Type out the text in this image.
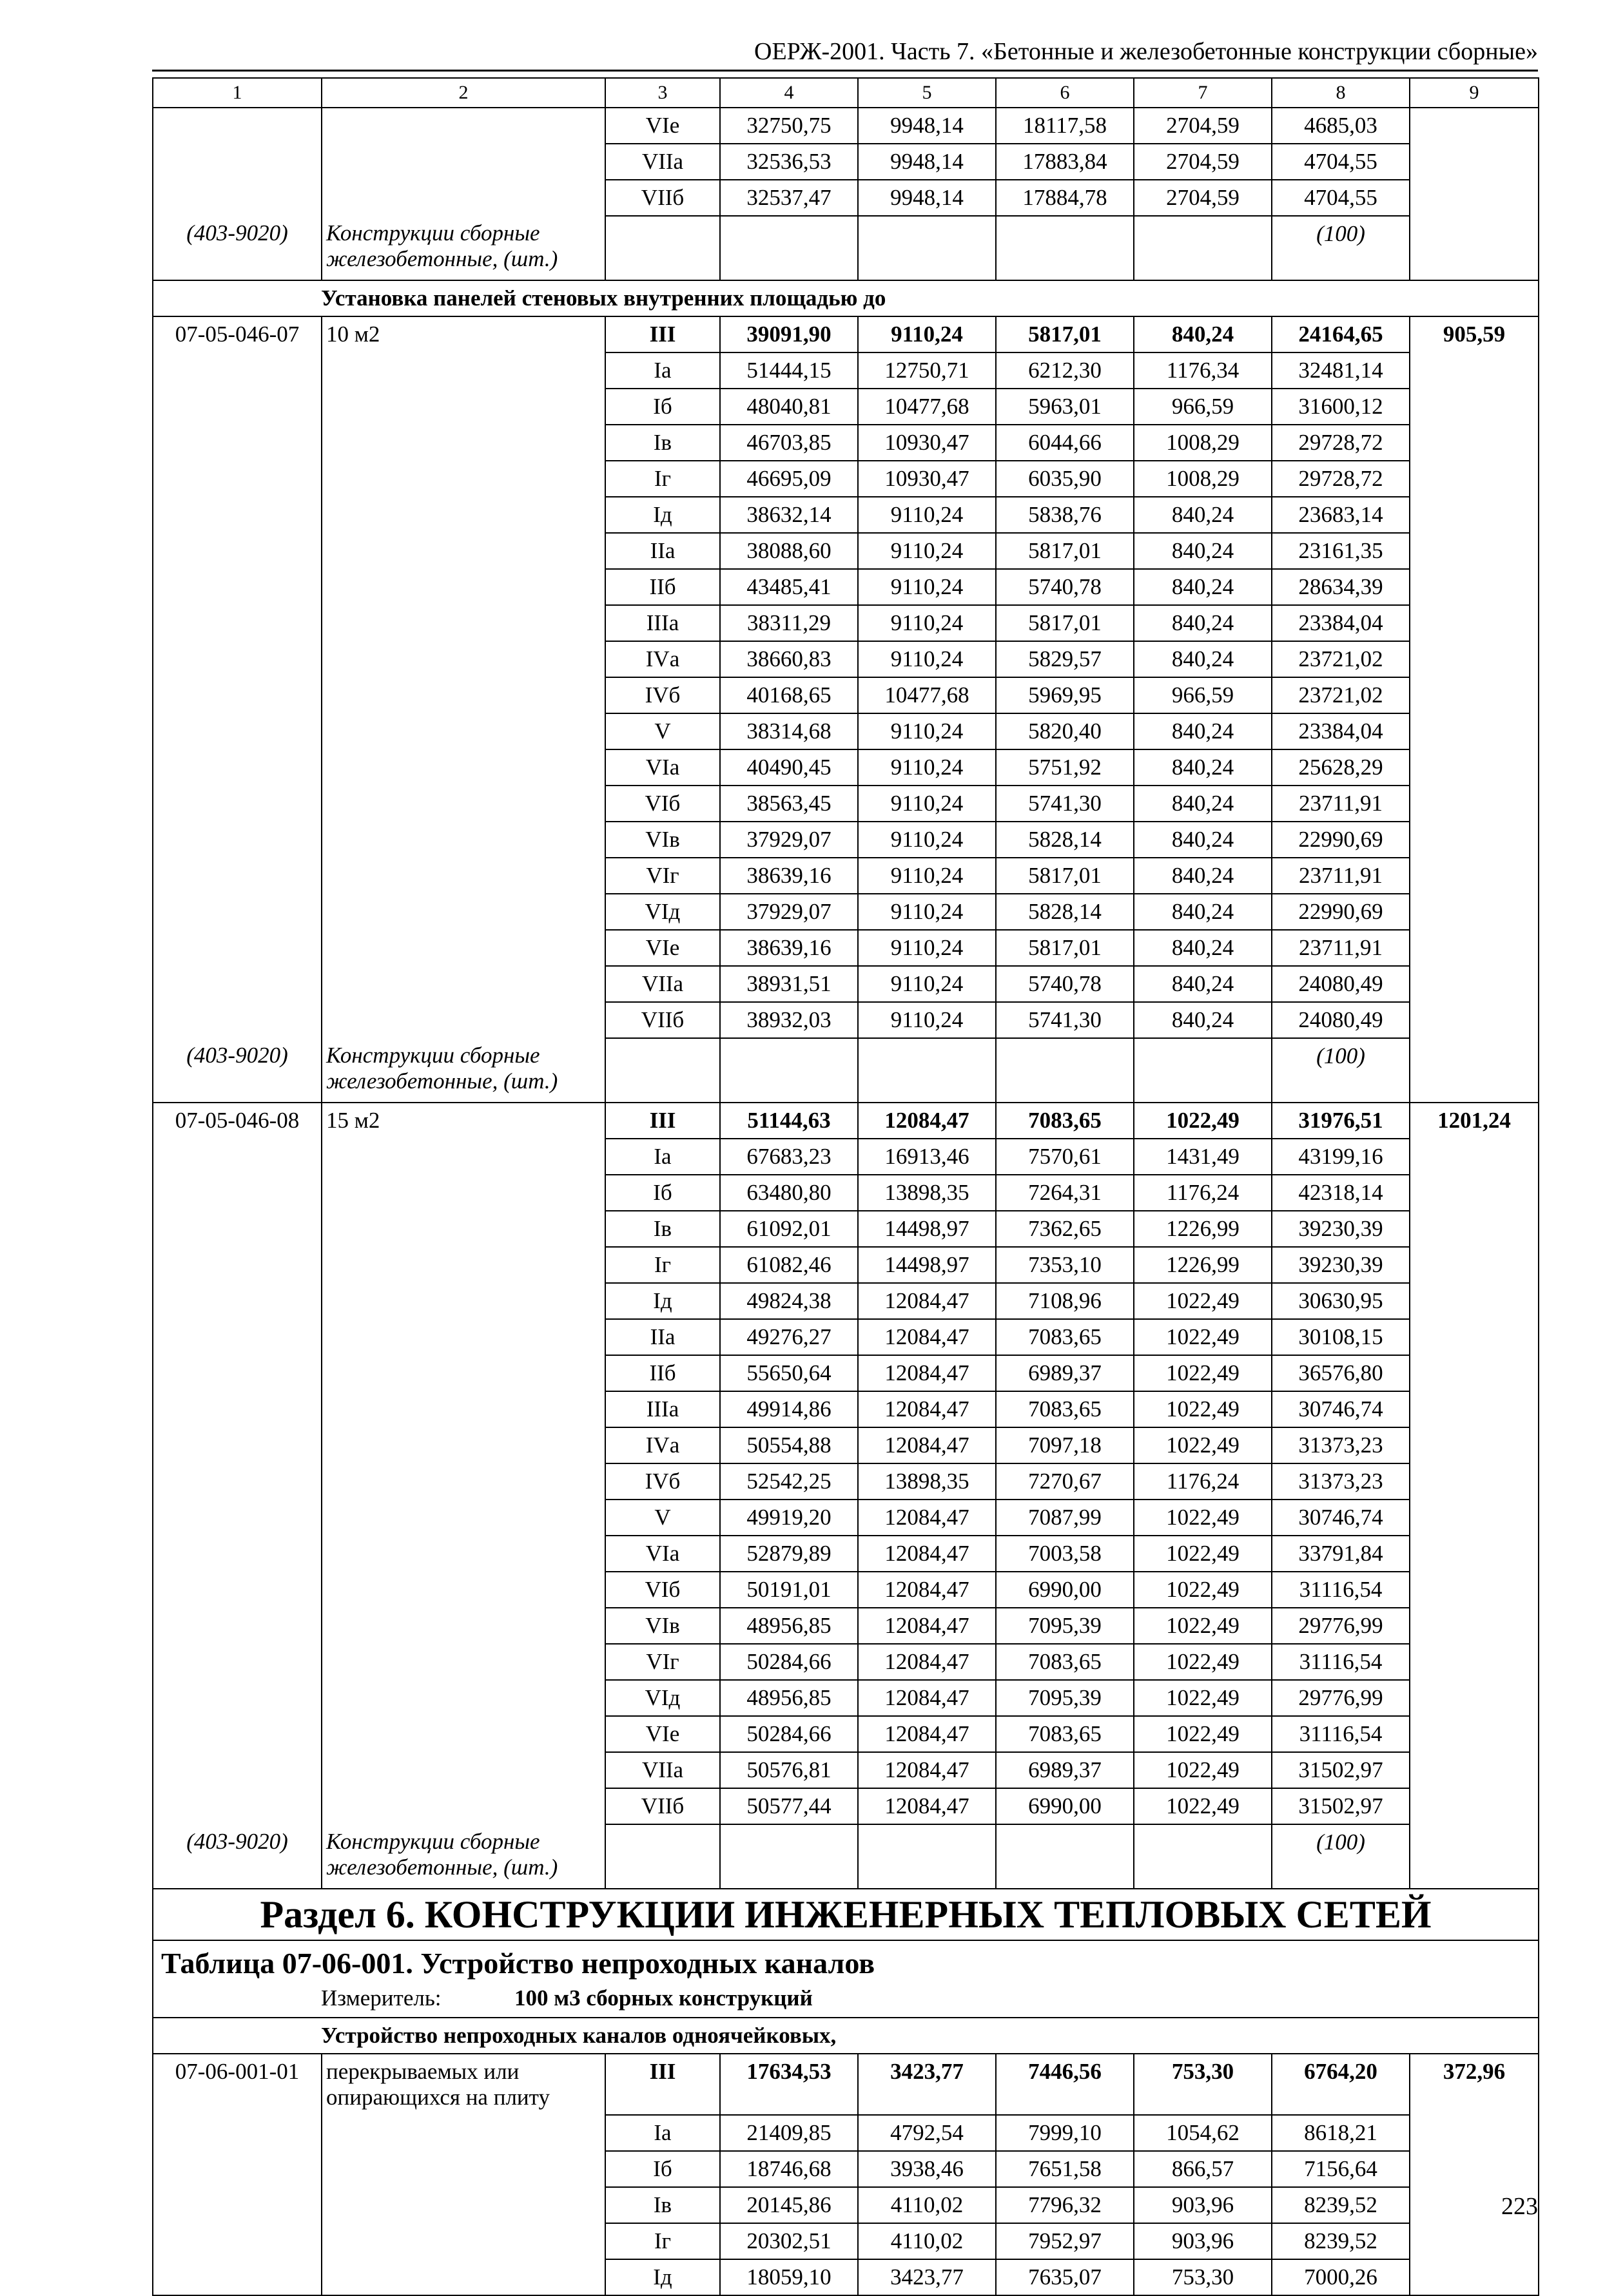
ОЕРЖ-2001. Часть 7. «Бетонные и железобетонные конструкции сборные»
1	2	3	4	5	6	7	8	9
		VIе	32750,75	9948,14	18117,58	2704,59	4685,03	
		VIIа	32536,53	9948,14	17883,84	2704,59	4704,55	
		VIIб	32537,47	9948,14	17884,78	2704,59	4704,55	
(403-9020)	Конструкции сборные железобетонные, (шт.)						(100)	
Установка панелей стеновых внутренних площадью до								
07-05-046-07	10 м2	III	39091,90	9110,24	5817,01	840,24	24164,65	905,59
		Iа	51444,15	12750,71	6212,30	1176,34	32481,14	
		Iб	48040,81	10477,68	5963,01	966,59	31600,12	
		Iв	46703,85	10930,47	6044,66	1008,29	29728,72	
		Iг	46695,09	10930,47	6035,90	1008,29	29728,72	
		Iд	38632,14	9110,24	5838,76	840,24	23683,14	
		IIа	38088,60	9110,24	5817,01	840,24	23161,35	
		IIб	43485,41	9110,24	5740,78	840,24	28634,39	
		IIIа	38311,29	9110,24	5817,01	840,24	23384,04	
		IVа	38660,83	9110,24	5829,57	840,24	23721,02	
		IVб	40168,65	10477,68	5969,95	966,59	23721,02	
		V	38314,68	9110,24	5820,40	840,24	23384,04	
		VIа	40490,45	9110,24	5751,92	840,24	25628,29	
		VIб	38563,45	9110,24	5741,30	840,24	23711,91	
		VIв	37929,07	9110,24	5828,14	840,24	22990,69	
		VIг	38639,16	9110,24	5817,01	840,24	23711,91	
		VIд	37929,07	9110,24	5828,14	840,24	22990,69	
		VIе	38639,16	9110,24	5817,01	840,24	23711,91	
		VIIа	38931,51	9110,24	5740,78	840,24	24080,49	
		VIIб	38932,03	9110,24	5741,30	840,24	24080,49	
(403-9020)	Конструкции сборные железобетонные, (шт.)						(100)	
07-05-046-08	15 м2	III	51144,63	12084,47	7083,65	1022,49	31976,51	1201,24
		Iа	67683,23	16913,46	7570,61	1431,49	43199,16	
		Iб	63480,80	13898,35	7264,31	1176,24	42318,14	
		Iв	61092,01	14498,97	7362,65	1226,99	39230,39	
		Iг	61082,46	14498,97	7353,10	1226,99	39230,39	
		Iд	49824,38	12084,47	7108,96	1022,49	30630,95	
		IIа	49276,27	12084,47	7083,65	1022,49	30108,15	
		IIб	55650,64	12084,47	6989,37	1022,49	36576,80	
		IIIа	49914,86	12084,47	7083,65	1022,49	30746,74	
		IVа	50554,88	12084,47	7097,18	1022,49	31373,23	
		IVб	52542,25	13898,35	7270,67	1176,24	31373,23	
		V	49919,20	12084,47	7087,99	1022,49	30746,74	
		VIа	52879,89	12084,47	7003,58	1022,49	33791,84	
		VIб	50191,01	12084,47	6990,00	1022,49	31116,54	
		VIв	48956,85	12084,47	7095,39	1022,49	29776,99	
		VIг	50284,66	12084,47	7083,65	1022,49	31116,54	
		VIд	48956,85	12084,47	7095,39	1022,49	29776,99	
		VIе	50284,66	12084,47	7083,65	1022,49	31116,54	
		VIIа	50576,81	12084,47	6989,37	1022,49	31502,97	
		VIIб	50577,44	12084,47	6990,00	1022,49	31502,97	
(403-9020)	Конструкции сборные железобетонные, (шт.)						(100)	
Раздел 6. КОНСТРУКЦИИ ИНЖЕНЕРНЫХ ТЕПЛОВЫХ СЕТЕЙ								
Таблица 07-06-001. Устройство непроходных каналов								
Измеритель: 100 м3 сборных конструкций								
Устройство непроходных каналов одноячейковых,								
07-06-001-01	перекрываемых или опирающихся на плиту	III	17634,53	3423,77	7446,56	753,30	6764,20	372,96
		Iа	21409,85	4792,54	7999,10	1054,62	8618,21	
		Iб	18746,68	3938,46	7651,58	866,57	7156,64	
		Iв	20145,86	4110,02	7796,32	903,96	8239,52	
		Iг	20302,51	4110,02	7952,97	903,96	8239,52	
		Iд	18059,10	3423,77	7635,07	753,30	7000,26	
223
